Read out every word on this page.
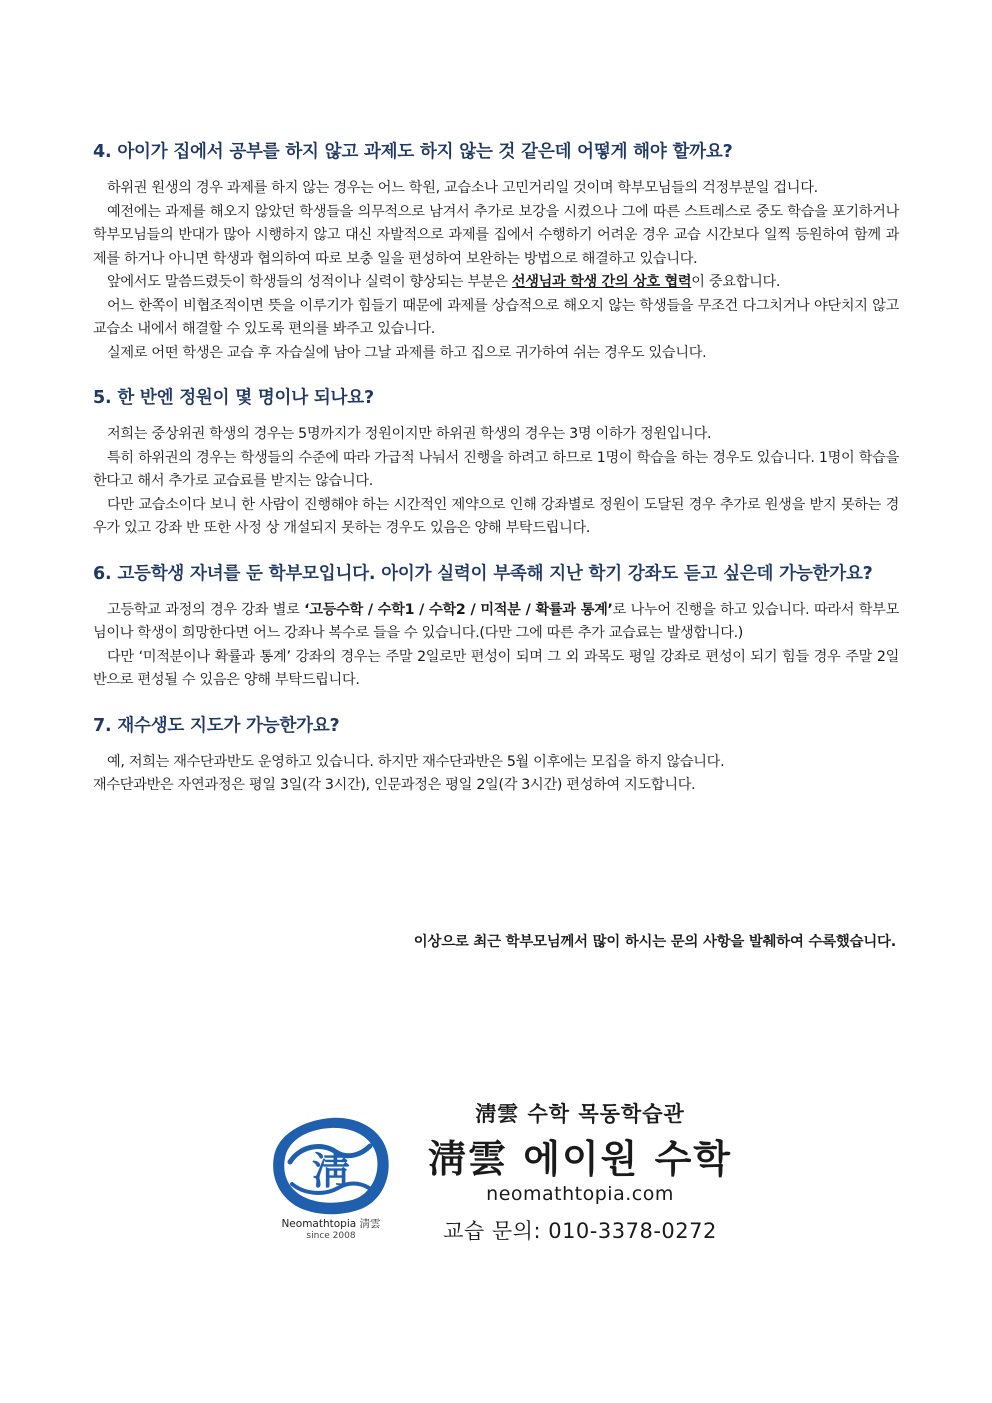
4. 아이가 집에서 공부를 하지 않고 과제도 하지 않는 것 같은데 어떻게 해야 할까요?

하위권 원생의 경우 과제를 하지 않는 경우는 어느 학원, 교습소나 고민거리일 것이며 학부모님들의 걱정부분일 겁니다.

예전에는 과제를 해오지 않았던 학생들을 의무적으로 남겨서 추가로 보강을 시켰으나 그에 따른 스트레스로 중도 학습을 포기하거나 학부모님들의 반대가 많아 시행하지 않고 대신 자발적으로 과제를 집에서 수행하기 어려운 경우 교습 시간보다 일찍 등원하여 함께 과제를 하거나 아니면 학생과 협의하여 따로 보충 일을 편성하여 보완하는 방법으로 해결하고 있습니다.

앞에서도 말씀드렸듯이 학생들의 성적이나 실력이 향상되는 부분은 선생님과 학생 간의 상호 협력이 중요합니다.

어느 한쪽이 비협조적이면 뜻을 이루기가 힘들기 때문에 과제를 상습적으로 해오지 않는 학생들을 무조건 다그치거나 야단치지 않고 교습소 내에서 해결할 수 있도록 편의를 봐주고 있습니다.

실제로 어떤 학생은 교습 후 자습실에 남아 그날 과제를 하고 집으로 귀가하여 쉬는 경우도 있습니다.

5. 한 반엔 정원이 몇 명이나 되나요?

저희는 중상위권 학생의 경우는 5명까지가 정원이지만 하위권 학생의 경우는 3명 이하가 정원입니다.

특히 하위권의 경우는 학생들의 수준에 따라 가급적 나눠서 진행을 하려고 하므로 1명이 학습을 하는 경우도 있습니다. 1명이 학습을 한다고 해서 추가로 교습료를 받지는 않습니다.

다만 교습소이다 보니 한 사람이 진행해야 하는 시간적인 제약으로 인해 강좌별로 정원이 도달된 경우 추가로 원생을 받지 못하는 경우가 있고 강좌 반 또한 사정 상 개설되지 못하는 경우도 있음은 양해 부탁드립니다.

6. 고등학생 자녀를 둔 학부모입니다. 아이가 실력이 부족해 지난 학기 강좌도 듣고 싶은데 가능한가요?

고등학교 과정의 경우 강좌 별로 ‘고등수학 / 수학1 / 수학2 / 미적분 / 확률과 통계’로 나누어 진행을 하고 있습니다. 따라서 학부모님이나 학생이 희망한다면 어느 강좌나 복수로 들을 수 있습니다.(다만 그에 따른 추가 교습료는 발생합니다.)

다만 ‘미적분이나 확률과 통계’ 강좌의 경우는 주말 2일로만 편성이 되며 그 외 과목도 평일 강좌로 편성이 되기 힘들 경우 주말 2일 반으로 편성될 수 있음은 양해 부탁드립니다.

7. 재수생도 지도가 가능한가요?

예, 저희는 재수단과반도 운영하고 있습니다. 하지만 재수단과반은 5월 이후에는 모집을 하지 않습니다.

재수단과반은 자연과정은 평일 3일(각 3시간), 인문과정은 평일 2일(각 3시간) 편성하여 지도합니다.

이상으로 최근 학부모님께서 많이 하시는 문의 사항을 발췌하여 수록했습니다.
淸
Neomathtopia 淸雲
since 2008
淸雲 수학 목동학습관
淸雲 에이원 수학
neomathtopia.com
교습 문의: 010-3378-0272
